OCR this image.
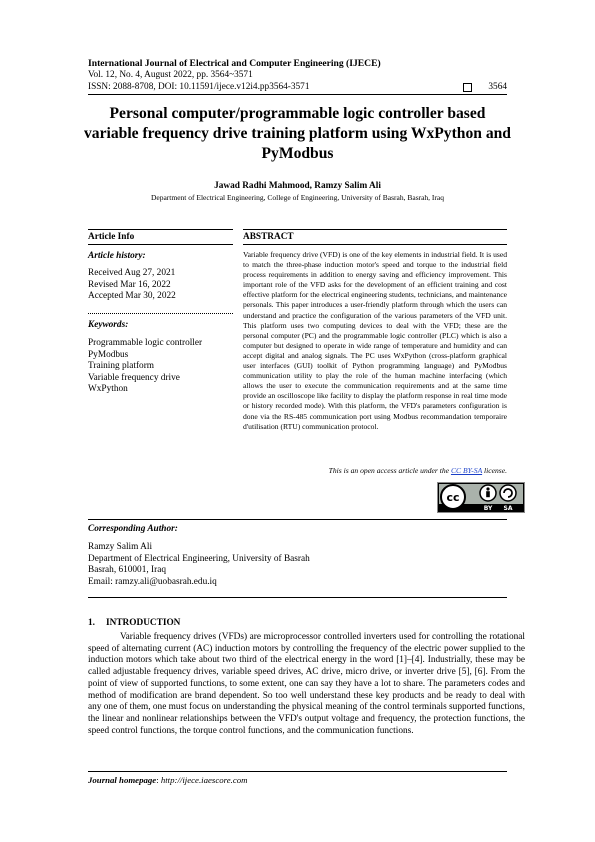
International Journal of Electrical and Computer Engineering (IJECE)
Vol. 12, No. 4, August 2022, pp. 3564~3571
ISSN: 2088-8708, DOI: 10.11591/ijece.v12i4.pp3564-3571	3564
Personal computer/programmable logic controller based
variable frequency drive training platform using WxPython and
PyModbus
Jawad Radhi Mahmood, Ramzy Salim Ali
Department of Electrical Engineering, College of Engineering, University of Basrah, Basrah, Iraq
Article Info
Article history:
Received Aug 27, 2021
Revised Mar 16, 2022
Accepted Mar 30, 2022
Keywords:
Programmable logic controller
PyModbus
Training platform
Variable frequency drive
WxPython
ABSTRACT
Variable frequency drive (VFD) is one of the key elements in industrial field. It is used to match the three-phase induction motor's speed and torque to the industrial field process requirements in addition to energy saving and efficiency improvement. This important role of the VFD asks for the development of an efficient training and cost effective platform for the electrical engineering students, technicians, and maintenance personals. This paper introduces a user-friendly platform through which the users can understand and practice the configuration of the various parameters of the VFD unit. This platform uses two computing devices to deal with the VFD; these are the personal computer (PC) and the programmable logic controller (PLC) which is also a computer but designed to operate in wide range of temperature and humidity and can accept digital and analog signals. The PC uses WxPython (cross-platform graphical user interfaces (GUI) toolkit of Python programming language) and PyModbus communication utility to play the role of the human machine interfacing (which allows the user to execute the communication requirements and at the same time provide an oscilloscope like facility to display the platform response in real time mode or history recorded mode). With this platform, the VFD's parameters configuration is done via the RS-485 communication port using Modbus recommandation temporaire d'utilisation (RTU) communication protocol.
This is an open access article under the CC BY-SA license.
cc
BY SA
Corresponding Author:
Ramzy Salim Ali
Department of Electrical Engineering, University of Basrah
Basrah, 610001, Iraq
Email: ramzy.ali@uobasrah.edu.iq
1. INTRODUCTION
Variable frequency drives (VFDs) are microprocessor controlled inverters used for controlling the rotational speed of alternating current (AC) induction motors by controlling the frequency of the electric power supplied to the induction motors which take about two third of the electrical energy in the word [1]–[4]. Industrially, these may be called adjustable frequency drives, variable speed drives, AC drive, micro drive, or inverter drive [5], [6]. From the point of view of supported functions, to some extent, one can say they have a lot to share. The parameters codes and method of modification are brand dependent. So too well understand these key products and be ready to deal with any one of them, one must focus on understanding the physical meaning of the control terminals supported functions, the linear and nonlinear relationships between the VFD's output voltage and frequency, the protection functions, the speed control functions, the torque control functions, and the communication functions.
Journal homepage: http://ijece.iaescore.com
